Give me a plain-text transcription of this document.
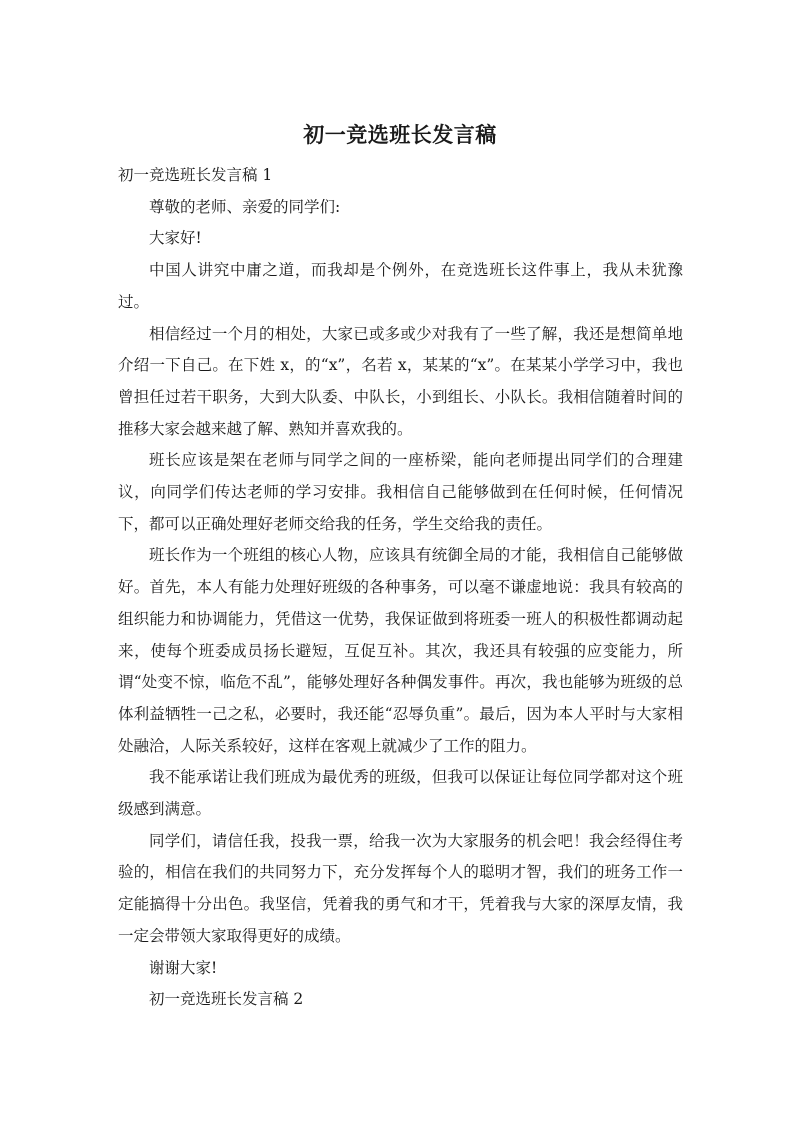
初一竞选班长发言稿

初一竞选班长发言稿 1

尊敬的老师、亲爱的同学们:

大家好!

中国人讲究中庸之道，而我却是个例外，在竞选班长这件事上，我从未犹豫过。

相信经过一个月的相处，大家已或多或少对我有了一些了解，我还是想简单地介绍一下自己。在下姓 x，的“x”，名若 x，某某的“x”。在某某小学学习中，我也曾担任过若干职务，大到大队委、中队长，小到组长、小队长。我相信随着时间的推移大家会越来越了解、熟知并喜欢我的。

班长应该是架在老师与同学之间的一座桥梁，能向老师提出同学们的合理建议，向同学们传达老师的学习安排。我相信自己能够做到在任何时候，任何情况下，都可以正确处理好老师交给我的任务，学生交给我的责任。

班长作为一个班组的核心人物，应该具有统御全局的才能，我相信自己能够做好。首先，本人有能力处理好班级的各种事务，可以毫不谦虚地说：我具有较高的组织能力和协调能力，凭借这一优势，我保证做到将班委一班人的积极性都调动起来，使每个班委成员扬长避短，互促互补。其次，我还具有较强的应变能力，所谓“处变不惊，临危不乱”，能够处理好各种偶发事件。再次，我也能够为班级的总体利益牺牲一己之私，必要时，我还能“忍辱负重”。最后，因为本人平时与大家相处融洽，人际关系较好，这样在客观上就减少了工作的阻力。

我不能承诺让我们班成为最优秀的班级，但我可以保证让每位同学都对这个班级感到满意。

同学们，请信任我，投我一票，给我一次为大家服务的机会吧！我会经得住考验的，相信在我们的共同努力下，充分发挥每个人的聪明才智，我们的班务工作一定能搞得十分出色。我坚信，凭着我的勇气和才干，凭着我与大家的深厚友情，我一定会带领大家取得更好的成绩。

谢谢大家!

初一竞选班长发言稿 2
